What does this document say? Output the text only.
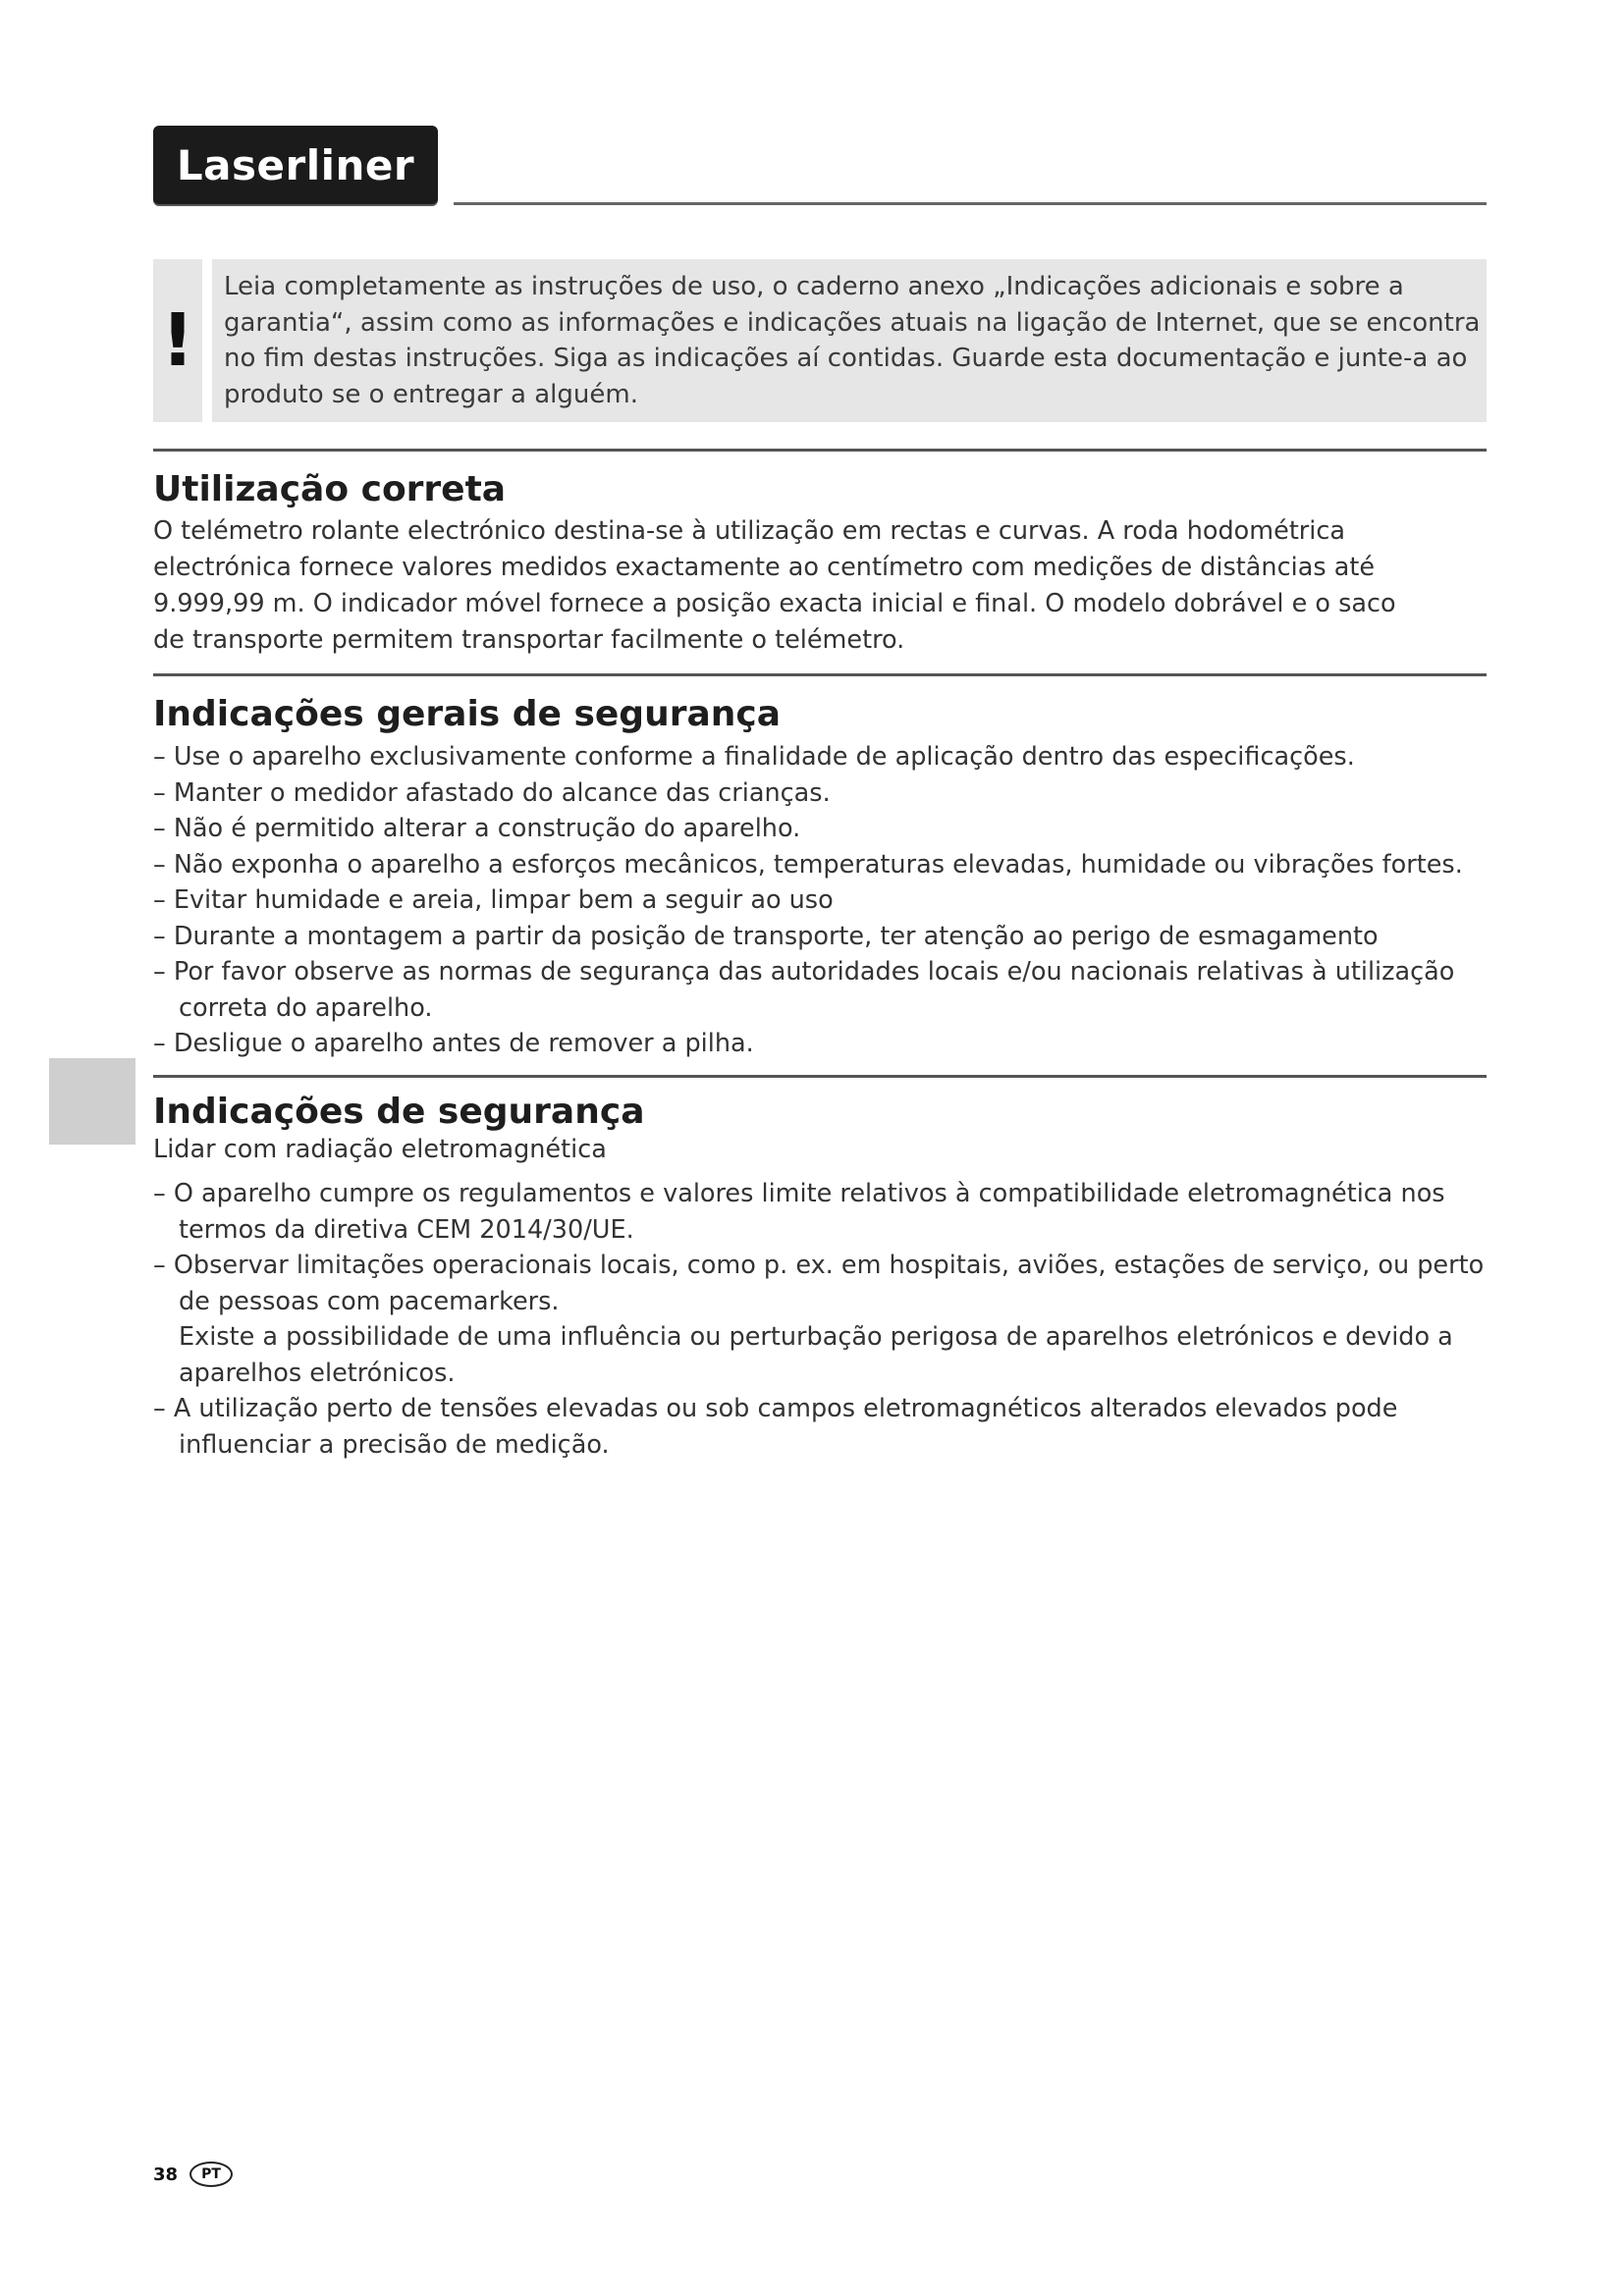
Laserliner
!
Leia completamente as instruções de uso, o caderno anexo „Indicações adicionais e sobre a
garantia“, assim como as informações e indicações atuais na ligação de Internet, que se encontra
no fim destas instruções. Siga as indicações aí contidas. Guarde esta documentação e junte-a ao
produto se o entregar a alguém.
Utilização correta
O telémetro rolante electrónico destina-se à utilização em rectas e curvas. A roda hodométrica
electrónica fornece valores medidos exactamente ao centímetro com medições de distâncias até
9.999,99 m. O indicador móvel fornece a posição exacta inicial e final. O modelo dobrável e o saco
de transporte permitem transportar facilmente o telémetro.
Indicações gerais de segurança
– Use o aparelho exclusivamente conforme a finalidade de aplicação dentro das especificações.
– Manter o medidor afastado do alcance das crianças.
– Não é permitido alterar a construção do aparelho.
– Não exponha o aparelho a esforços mecânicos, temperaturas elevadas, humidade ou vibrações fortes.
– Evitar humidade e areia, limpar bem a seguir ao uso
– Durante a montagem a partir da posição de transporte, ter atenção ao perigo de esmagamento
– Por favor observe as normas de segurança das autoridades locais e/ou nacionais relativas à utilização
correta do aparelho.
– Desligue o aparelho antes de remover a pilha.
Indicações de segurança
Lidar com radiação eletromagnética
– O aparelho cumpre os regulamentos e valores limite relativos à compatibilidade eletromagnética nos
termos da diretiva CEM 2014/30/UE.
– Observar limitações operacionais locais, como p. ex. em hospitais, aviões, estações de serviço, ou perto
de pessoas com pacemarkers.
Existe a possibilidade de uma influência ou perturbação perigosa de aparelhos eletrónicos e devido a
aparelhos eletrónicos.
– A utilização perto de tensões elevadas ou sob campos eletromagnéticos alterados elevados pode
influenciar a precisão de medição.
38	PT
